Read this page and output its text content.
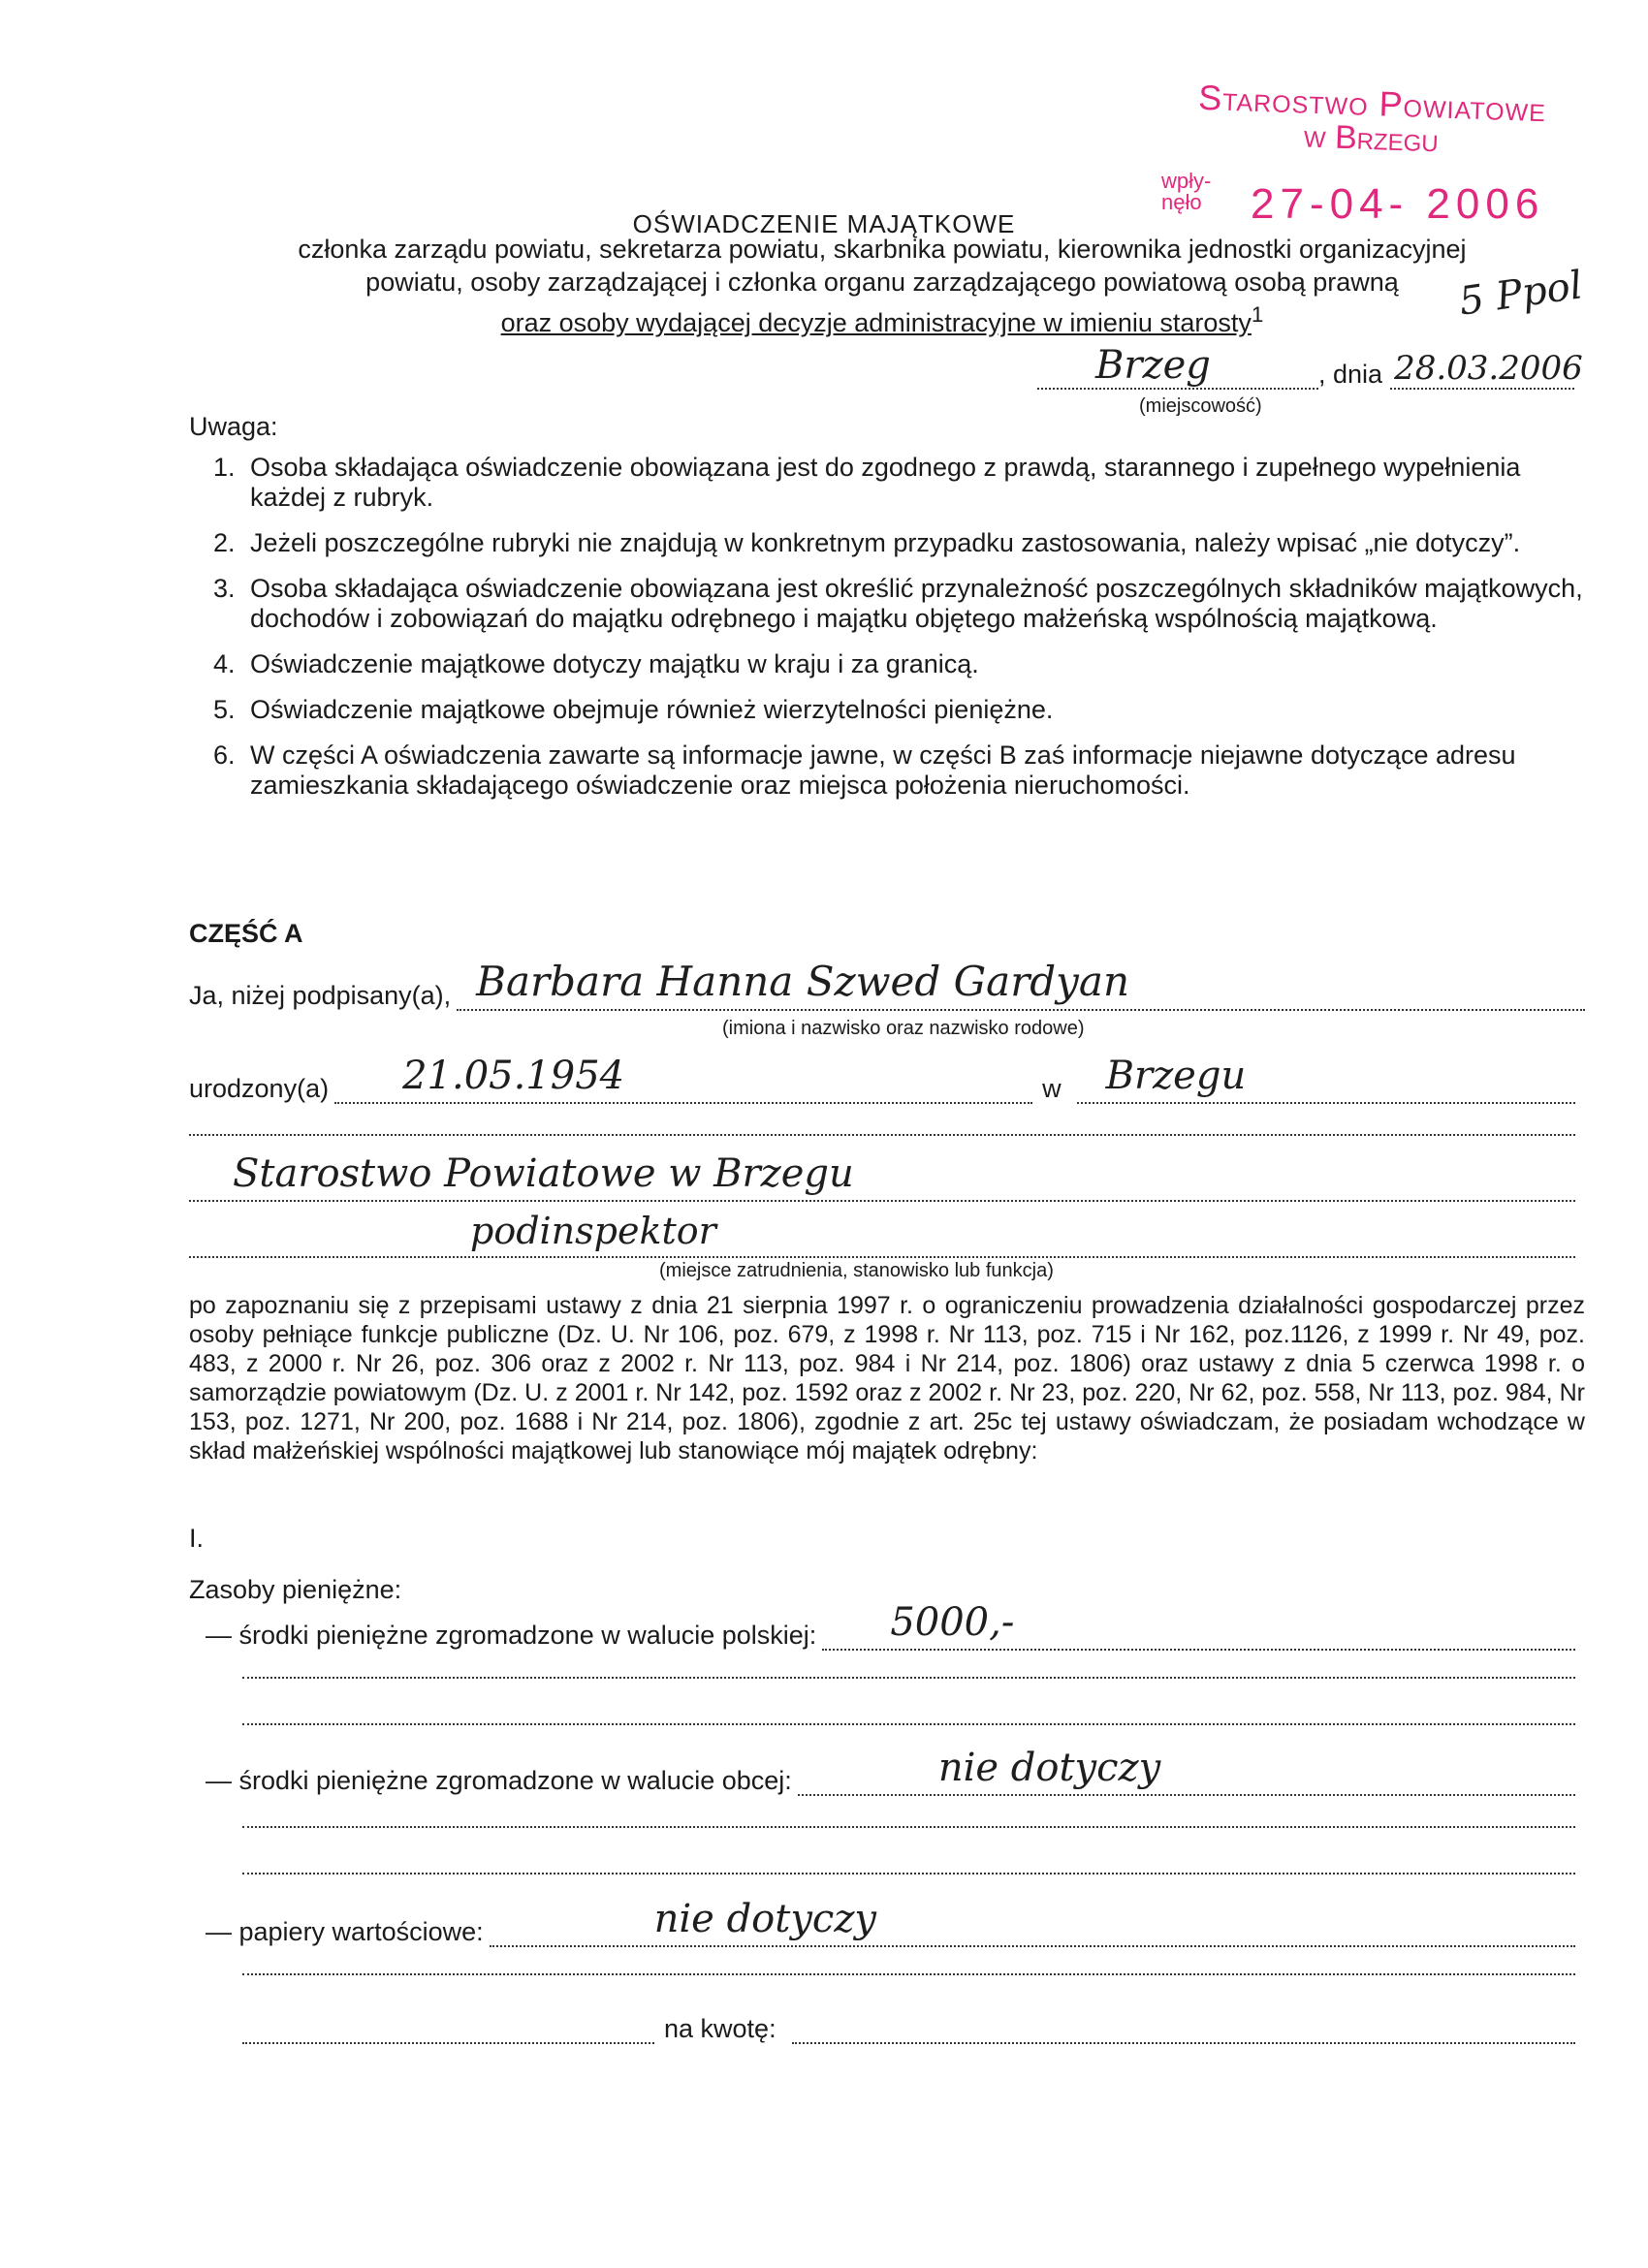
Starostwo Powiatowe
w Brzegu
wpły-
nęło 27-04- 2006
OŚWIADCZENIE MAJĄTKOWE
członka zarządu powiatu, sekretarza powiatu, skarbnika powiatu, kierownika jednostki organizacyjnej
powiatu, osoby zarządzającej i członka organu zarządzającego powiatową osobą prawną
oraz osoby wydającej decyzje administracyjne w imieniu starosty$^1$	5 Ppol
Brzeg	, dnia 28.03.2006
(miejscowość)
Uwaga:
1. Osoba składająca oświadczenie obowiązana jest do zgodnego z prawdą, starannego i zupełnego wypełnienia każdej z rubryk.
2. Jeżeli poszczególne rubryki nie znajdują w konkretnym przypadku zastosowania, należy wpisać „nie dotyczy”.
3. Osoba składająca oświadczenie obowiązana jest określić przynależność poszczególnych składników majątkowych, dochodów i zobowiązań do majątku odrębnego i majątku objętego małżeńską wspólnością majątkową.
4. Oświadczenie majątkowe dotyczy majątku w kraju i za granicą.
5. Oświadczenie majątkowe obejmuje również wierzytelności pieniężne.
6. W części A oświadczenia zawarte są informacje jawne, w części B zaś informacje niejawne dotyczące adresu zamieszkania składającego oświadczenie oraz miejsca położenia nieruchomości.
CZĘŚĆ A
Ja, niżej podpisany(a), Barbara Hanna Szwed Gardyan
(imiona i nazwisko oraz nazwisko rodowe)
urodzony(a) 21.05.1954	w Brzegu
Starostwo Powiatowe w Brzegu
podinspektor
(miejsce zatrudnienia, stanowisko lub funkcja)
po zapoznaniu się z przepisami ustawy z dnia 21 sierpnia 1997 r. o ograniczeniu prowadzenia działalności gospodarczej przez osoby pełniące funkcje publiczne (Dz. U. Nr 106, poz. 679, z 1998 r. Nr 113, poz. 715 i Nr 162, poz.1126, z 1999 r. Nr 49, poz. 483, z 2000 r. Nr 26, poz. 306 oraz z 2002 r. Nr 113, poz. 984 i Nr 214, poz. 1806) oraz ustawy z dnia 5 czerwca 1998 r. o samorządzie powiatowym (Dz. U. z 2001 r. Nr 142, poz. 1592 oraz z 2002 r. Nr 23, poz. 220, Nr 62, poz. 558, Nr 113, poz. 984, Nr 153, poz. 1271, Nr 200, poz. 1688 i Nr 214, poz. 1806), zgodnie z art. 25c tej ustawy oświadczam, że posiadam wchodzące w skład małżeńskiej wspólności majątkowej lub stanowiące mój majątek odrębny:
I.
Zasoby pieniężne:
— środki pieniężne zgromadzone w walucie polskiej: 5000,-
— środki pieniężne zgromadzone w walucie obcej:	nie dotyczy
— papiery wartościowe:	nie dotyczy
na kwotę:
